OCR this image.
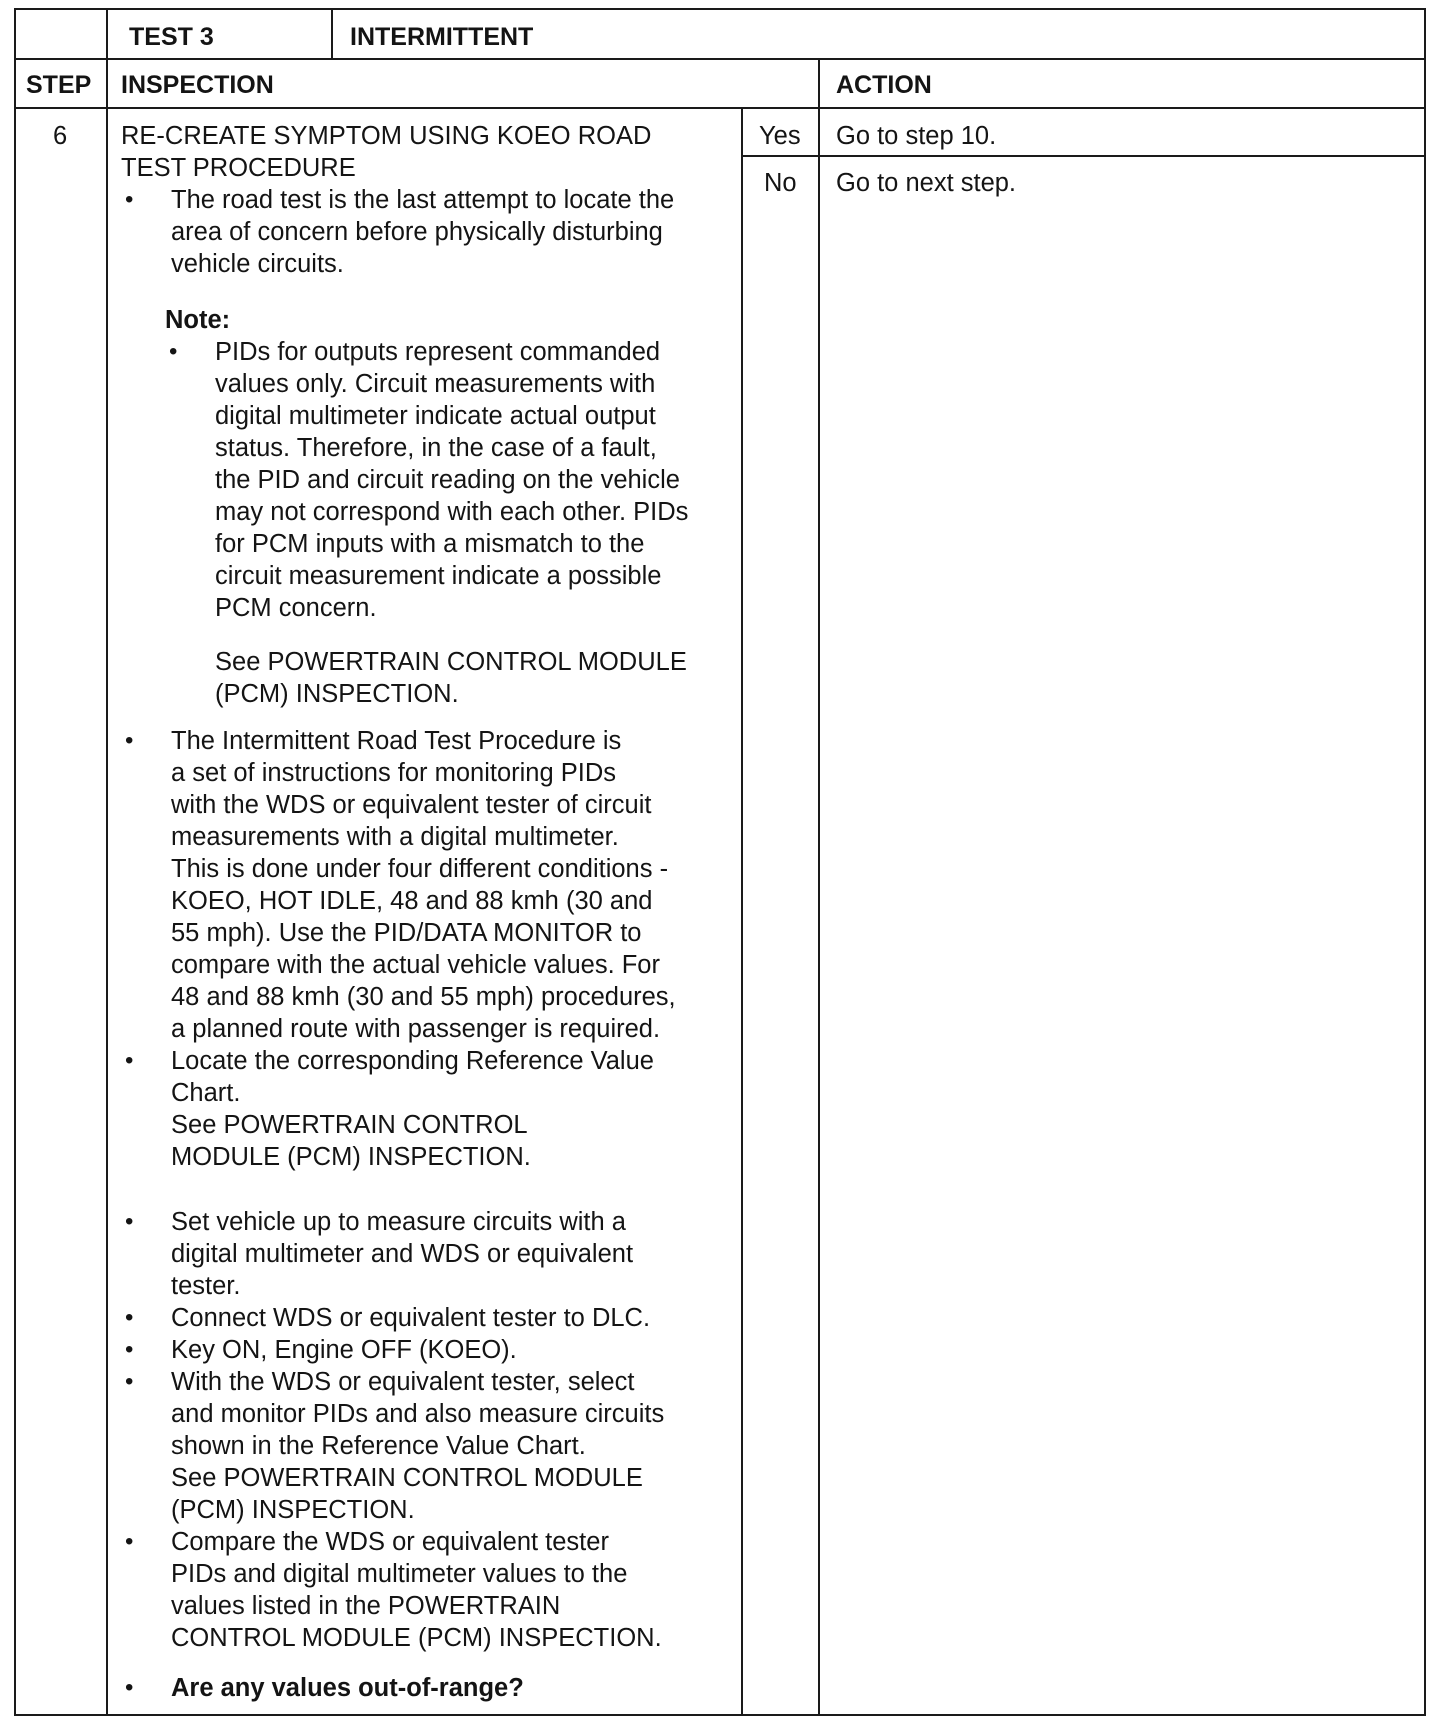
TEST 3	INTERMITTENT
STEP INSPECTION	ACTION
6 RE-CREATE SYMPTOM USING KOEO ROAD
TEST PROCEDURE
• The road test is the last attempt to locate the
area of concern before physically disturbing
vehicle circuits.
Note:
• PIDs for outputs represent commanded
values only. Circuit measurements with
digital multimeter indicate actual output
status. Therefore, in the case of a fault,
the PID and circuit reading on the vehicle
may not correspond with each other. PIDs
for PCM inputs with a mismatch to the
circuit measurement indicate a possible
PCM concern.
See POWERTRAIN CONTROL MODULE
(PCM) INSPECTION.
• The Intermittent Road Test Procedure is
a set of instructions for monitoring PIDs
with the WDS or equivalent tester of circuit
measurements with a digital multimeter.
This is done under four different conditions -
KOEO, HOT IDLE, 48 and 88 kmh (30 and
55 mph). Use the PID/DATA MONITOR to
compare with the actual vehicle values. For
48 and 88 kmh (30 and 55 mph) procedures,
a planned route with passenger is required.
• Locate the corresponding Reference Value
Chart.
See POWERTRAIN CONTROL
MODULE (PCM) INSPECTION.
• Set vehicle up to measure circuits with a
digital multimeter and WDS or equivalent
tester.
• Connect WDS or equivalent tester to DLC.
• Key ON, Engine OFF (KOEO).
• With the WDS or equivalent tester, select
and monitor PIDs and also measure circuits
shown in the Reference Value Chart.
See POWERTRAIN CONTROL MODULE
(PCM) INSPECTION.
• Compare the WDS or equivalent tester
PIDs and digital multimeter values to the
values listed in the POWERTRAIN
CONTROL MODULE (PCM) INSPECTION.
• Are any values out-of-range?
Yes
No
Go to step 10.
Go to next step.
